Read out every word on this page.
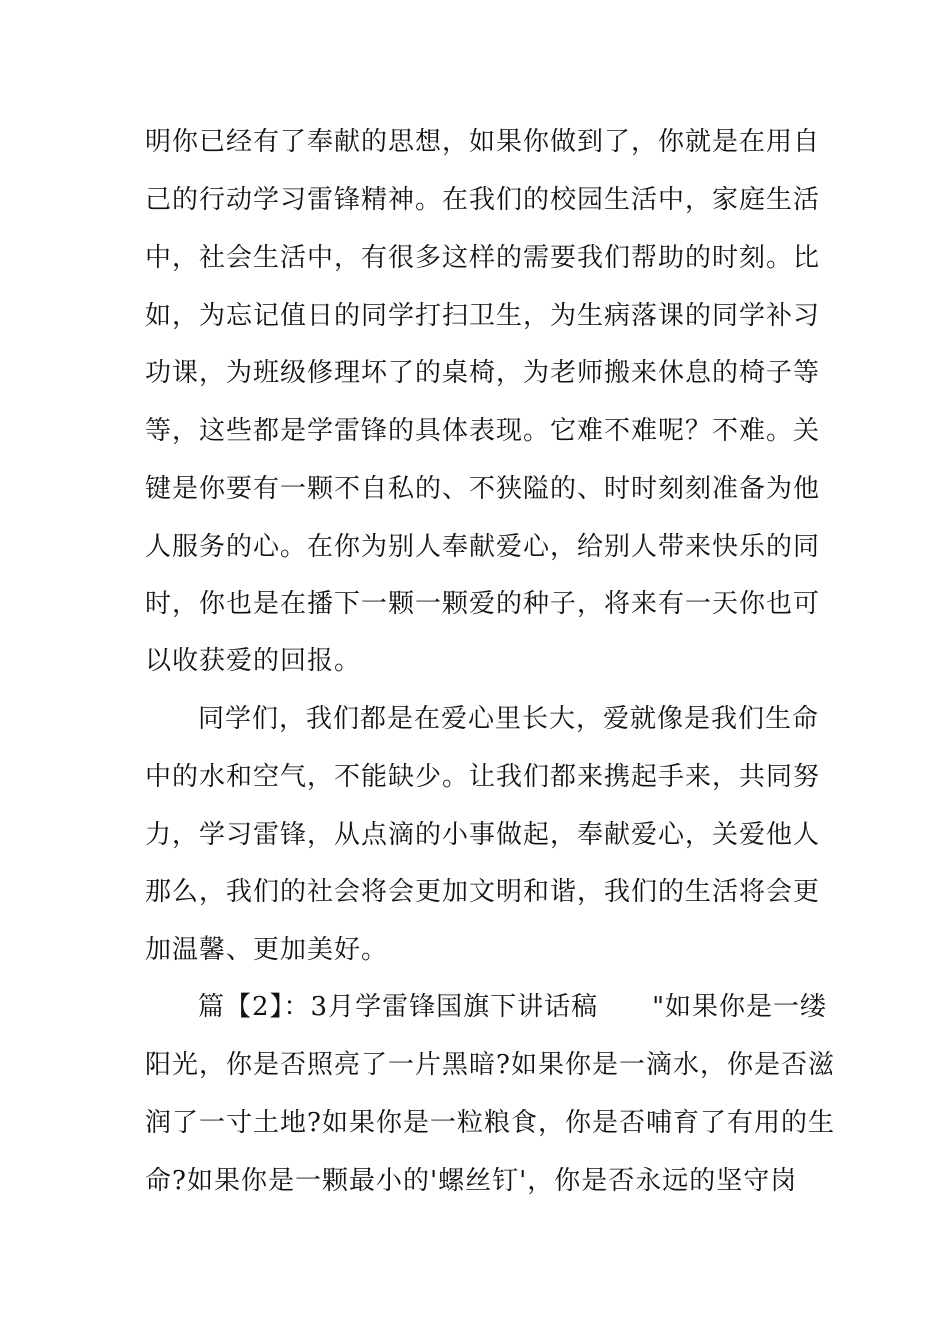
明你已经有了奉献的思想，如果你做到了，你就是在用自
己的行动学习雷锋精神。在我们的校园生活中，家庭生活
中，社会生活中，有很多这样的需要我们帮助的时刻。比
如，为忘记值日的同学打扫卫生，为生病落课的同学补习
功课，为班级修理坏了的桌椅，为老师搬来休息的椅子等
等，这些都是学雷锋的具体表现。它难不难呢？不难。关
键是你要有一颗不自私的、不狭隘的、时时刻刻准备为他
人服务的心。在你为别人奉献爱心，给别人带来快乐的同
时，你也是在播下一颗一颗爱的种子，将来有一天你也可
以收获爱的回报。
同学们，我们都是在爱心里长大，爱就像是我们生命
中的水和空气，不能缺少。让我们都来携起手来，共同努
力，学习雷锋，从点滴的小事做起，奉献爱心，关爱他人
那么，我们的社会将会更加文明和谐，我们的生活将会更
加温馨、更加美好。
篇【2】：3月学雷锋国旗下讲话稿　　"如果你是一缕
阳光，你是否照亮了一片黑暗?如果你是一滴水，你是否滋
润了一寸土地?如果你是一粒粮食，你是否哺育了有用的生
命?如果你是一颗最小的'螺丝钉'，你是否永远的坚守岗
